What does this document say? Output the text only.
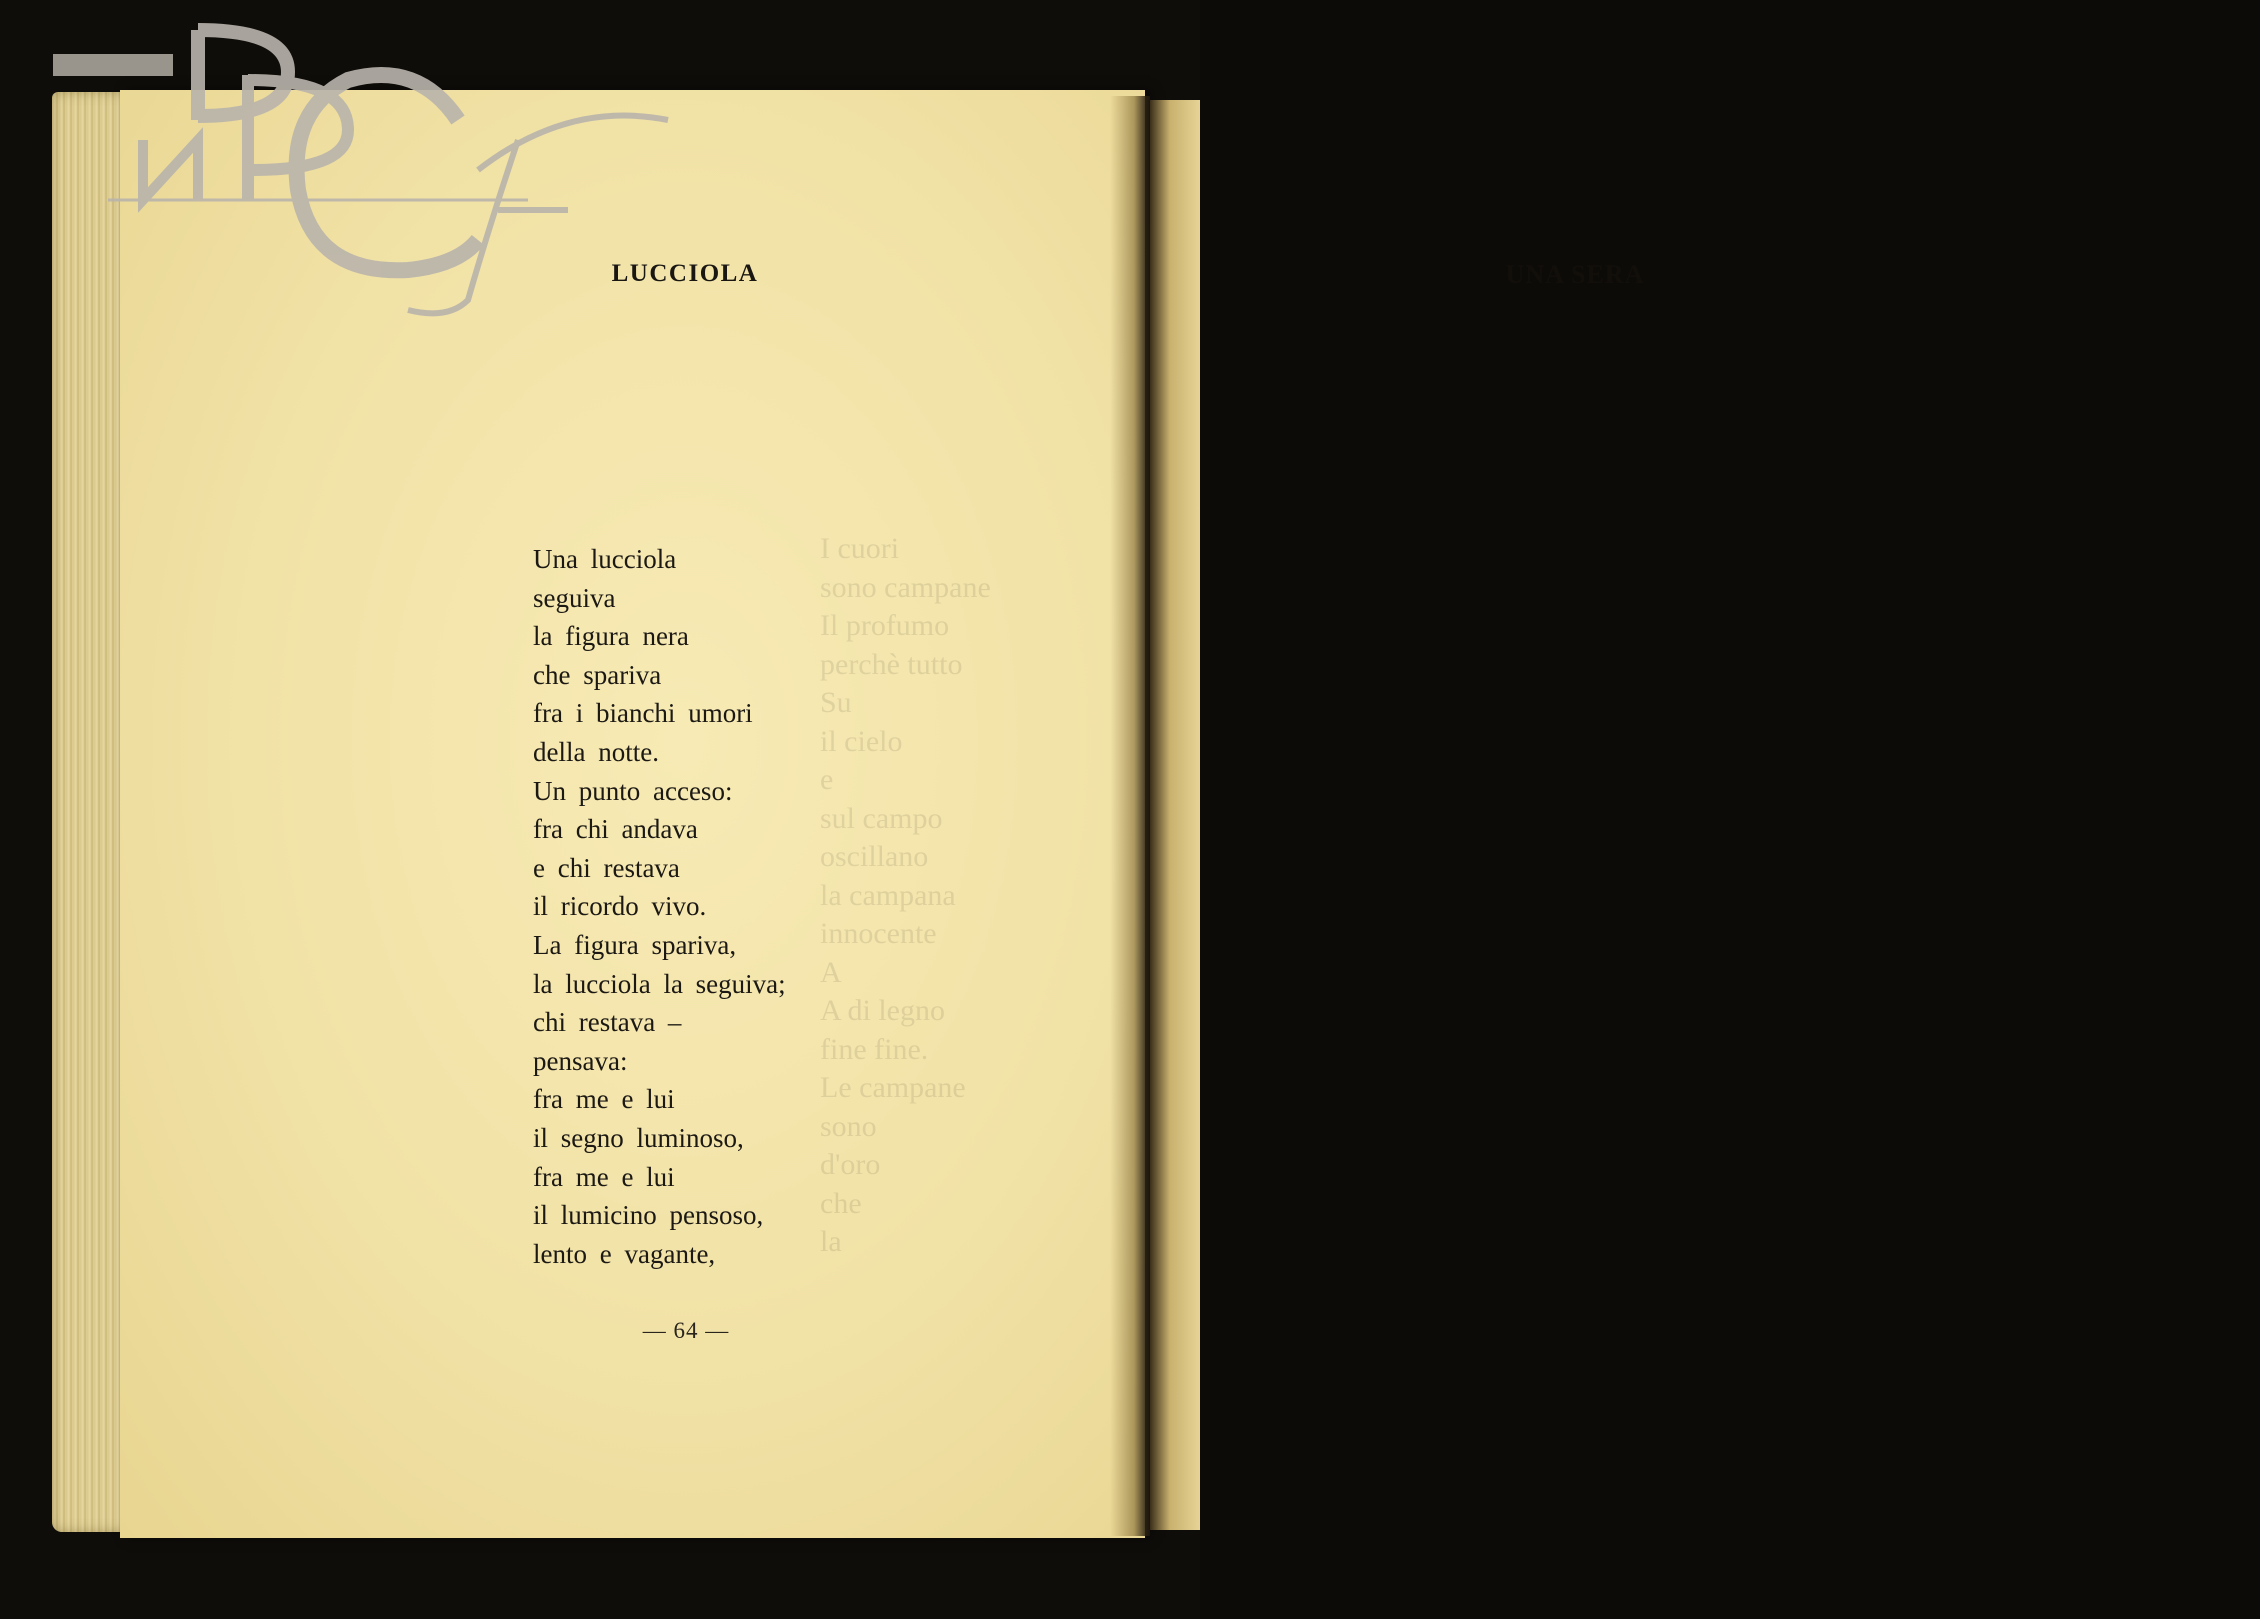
UNA SERA
I cuori
sono campane
Il profumo
perchè tutto
Su
il cielo
e
sul campo
oscillano
la campana
innocente
A
A di legno
fine fine.
Le campane
sono
d'oro
che
la
LUCCIOLA
Una lucciola
seguiva
la figura nera
che spariva
fra i bianchi umori
della notte.
Un punto acceso:
fra chi andava
e chi restava
il ricordo vivo.
La figura spariva,
la lucciola la seguiva;
chi restava –
pensava:
fra me e lui
il segno luminoso,
fra me e lui
il lumicino pensoso,
lento e vagante,
— 64 —
